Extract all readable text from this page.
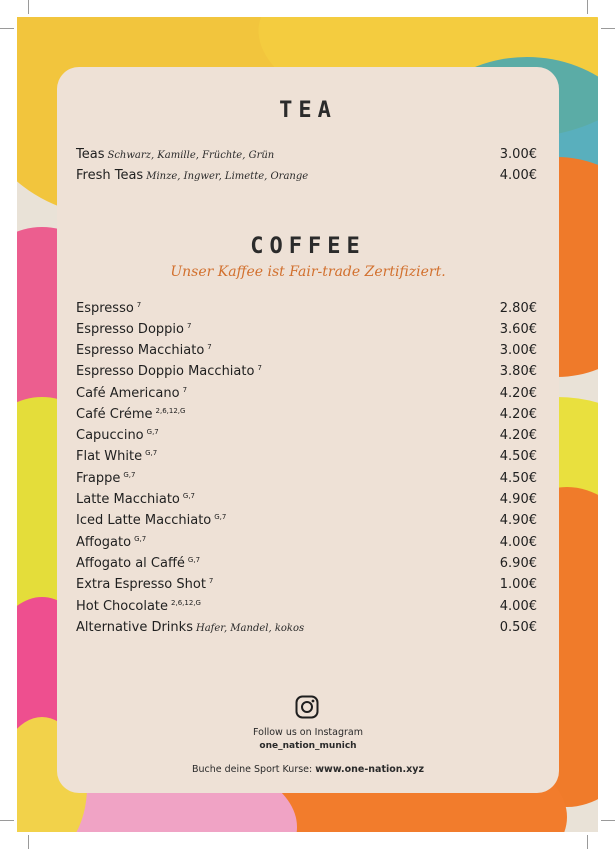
TEA
Teas Schwarz, Kamille, Früchte, Grün	3.00€
Fresh Teas Minze, Ingwer, Limette, Orange	4.00€
COFFEE
Unser Kaffee ist Fair-trade Zertifiziert.
Espresso $^7$	2.80€
Espresso Doppio $^7$	3.60€
Espresso Macchiato $^7$	3.00€
Espresso Doppio Macchiato $^7$	3.80€
Café Americano $^7$	4.20€
Café Créme $^{2,6,12,G}$	4.20€
Capuccino $^{G,7}$	4.20€
Flat White $^{G,7}$	4.50€
Frappe $^{G,7}$	4.50€
Latte Macchiato $^{G,7}$	4.90€
Iced Latte Macchiato $^{G,7}$	4.90€
Affogato $^{G,7}$	4.00€
Affogato al Caffé $^{G,7}$	6.90€
Extra Espresso Shot $^7$	1.00€
Hot Chocolate $^{2,6,12,G}$	4.00€
Alternative Drinks Hafer, Mandel, kokos	0.50€
Follow us on Instagram
one_nation_munich
Buche deine Sport Kurse: www.one-nation.xyz
